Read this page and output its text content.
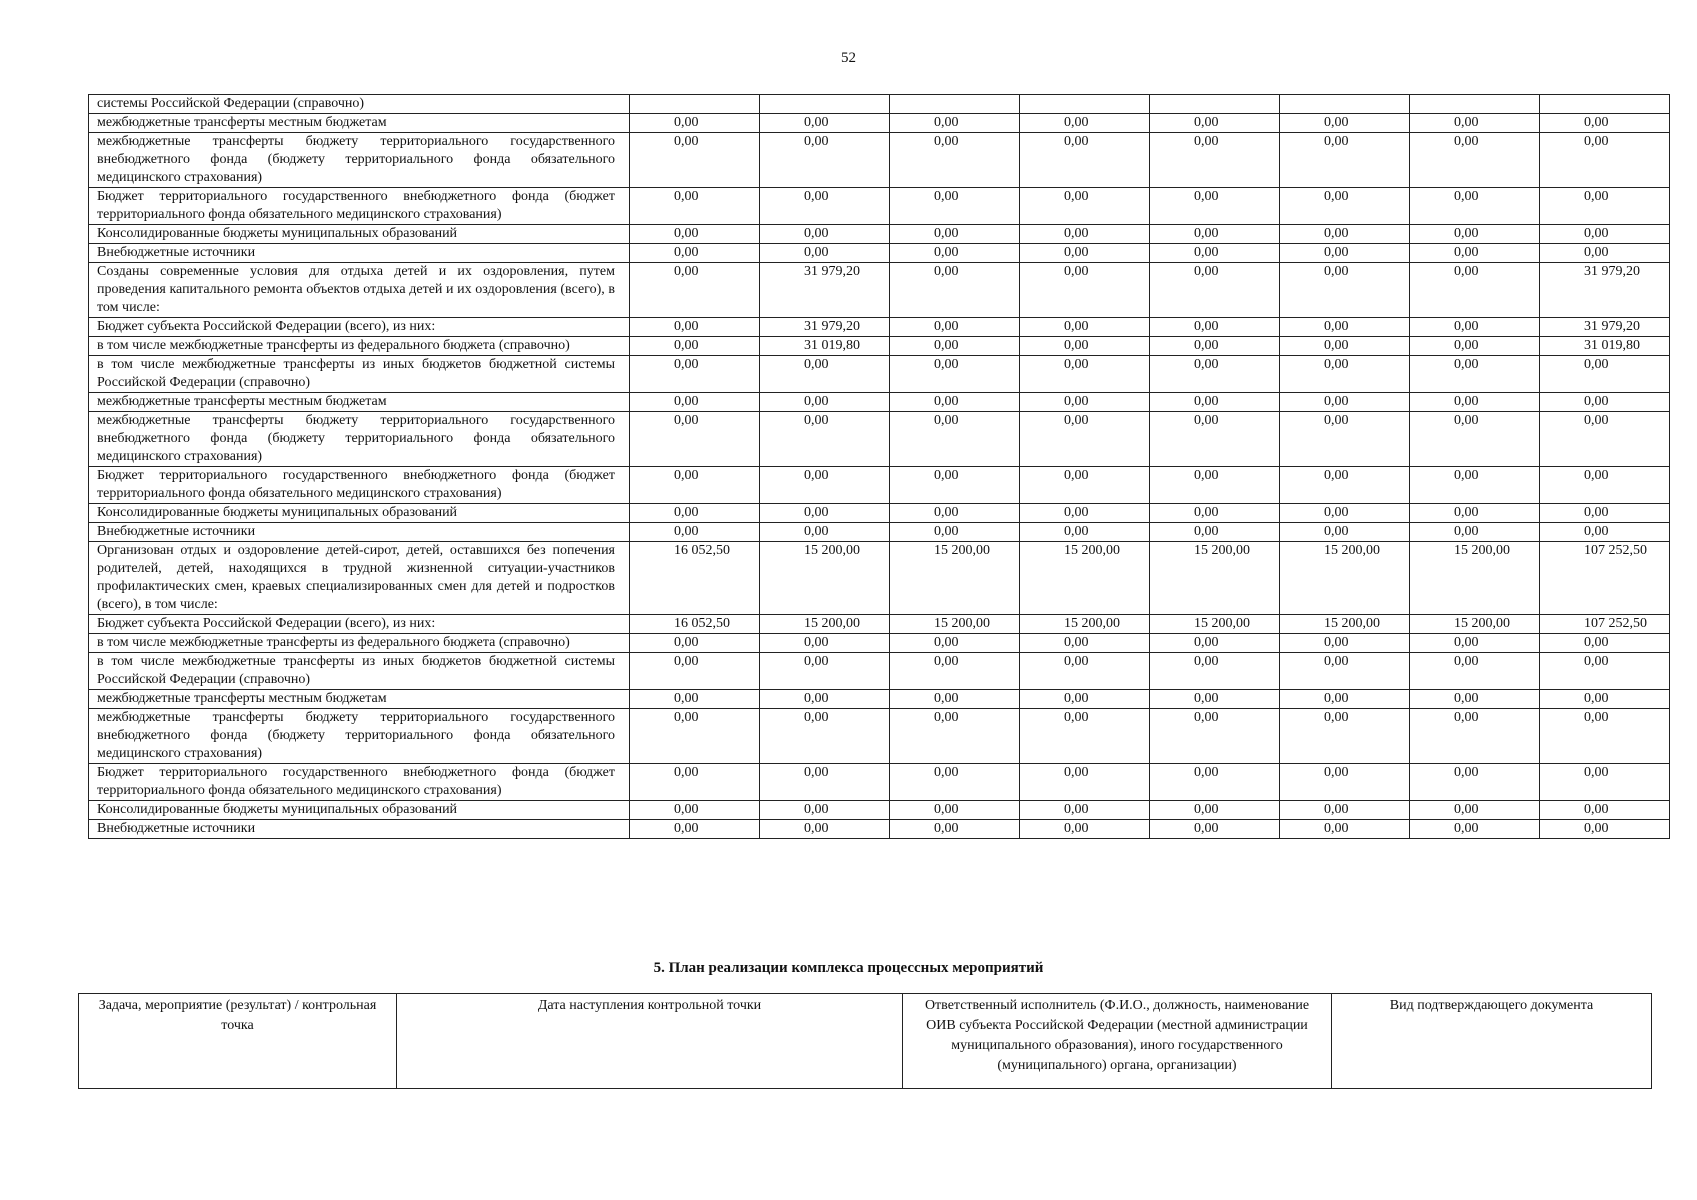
52
системы Российской Федерации (справочно)								
межбюджетные трансферты местным бюджетам	0,00	0,00	0,00	0,00	0,00	0,00	0,00	0,00
межбюджетные трансферты бюджету территориального государственного внебюджетного фонда (бюджету территориального фонда обязательного медицинского страхования)	0,00	0,00	0,00	0,00	0,00	0,00	0,00	0,00
Бюджет территориального государственного внебюджетного фонда (бюджет территориального фонда обязательного медицинского страхования)	0,00	0,00	0,00	0,00	0,00	0,00	0,00	0,00
Консолидированные бюджеты муниципальных образований	0,00	0,00	0,00	0,00	0,00	0,00	0,00	0,00
Внебюджетные источники	0,00	0,00	0,00	0,00	0,00	0,00	0,00	0,00
Созданы современные условия для отдыха детей и их оздоровления, путем проведения капитального ремонта объектов отдыха детей и их оздоровления (всего), в том числе:	0,00	31 979,20	0,00	0,00	0,00	0,00	0,00	31 979,20
Бюджет субъекта Российской Федерации (всего), из них:	0,00	31 979,20	0,00	0,00	0,00	0,00	0,00	31 979,20
в том числе межбюджетные трансферты из федерального бюджета (справочно)	0,00	31 019,80	0,00	0,00	0,00	0,00	0,00	31 019,80
в том числе межбюджетные трансферты из иных бюджетов бюджетной системы Российской Федерации (справочно)	0,00	0,00	0,00	0,00	0,00	0,00	0,00	0,00
межбюджетные трансферты местным бюджетам	0,00	0,00	0,00	0,00	0,00	0,00	0,00	0,00
межбюджетные трансферты бюджету территориального государственного внебюджетного фонда (бюджету территориального фонда обязательного медицинского страхования)	0,00	0,00	0,00	0,00	0,00	0,00	0,00	0,00
Бюджет территориального государственного внебюджетного фонда (бюджет территориального фонда обязательного медицинского страхования)	0,00	0,00	0,00	0,00	0,00	0,00	0,00	0,00
Консолидированные бюджеты муниципальных образований	0,00	0,00	0,00	0,00	0,00	0,00	0,00	0,00
Внебюджетные источники	0,00	0,00	0,00	0,00	0,00	0,00	0,00	0,00
Организован отдых и оздоровление детей-сирот, детей, оставшихся без попечения родителей, детей, находящихся в трудной жизненной ситуации-участников профилактических смен, краевых специализированных смен для детей и подростков (всего), в том числе:	16 052,50	15 200,00	15 200,00	15 200,00	15 200,00	15 200,00	15 200,00	107 252,50
Бюджет субъекта Российской Федерации (всего), из них:	16 052,50	15 200,00	15 200,00	15 200,00	15 200,00	15 200,00	15 200,00	107 252,50
в том числе межбюджетные трансферты из федерального бюджета (справочно)	0,00	0,00	0,00	0,00	0,00	0,00	0,00	0,00
в том числе межбюджетные трансферты из иных бюджетов бюджетной системы Российской Федерации (справочно)	0,00	0,00	0,00	0,00	0,00	0,00	0,00	0,00
межбюджетные трансферты местным бюджетам	0,00	0,00	0,00	0,00	0,00	0,00	0,00	0,00
межбюджетные трансферты бюджету территориального государственного внебюджетного фонда (бюджету территориального фонда обязательного медицинского страхования)	0,00	0,00	0,00	0,00	0,00	0,00	0,00	0,00
Бюджет территориального государственного внебюджетного фонда (бюджет территориального фонда обязательного медицинского страхования)	0,00	0,00	0,00	0,00	0,00	0,00	0,00	0,00
Консолидированные бюджеты муниципальных образований	0,00	0,00	0,00	0,00	0,00	0,00	0,00	0,00
Внебюджетные источники	0,00	0,00	0,00	0,00	0,00	0,00	0,00	0,00
5. План реализации комплекса процессных мероприятий
Задача, мероприятие (результат) / контрольная точка	Дата наступления контрольной точки	Ответственный исполнитель (Ф.И.О., должность, наименование ОИВ субъекта Российской Федерации (местной администрации муниципального образования), иного государственного (муниципального) органа, организации)	Вид подтверждающего документа
